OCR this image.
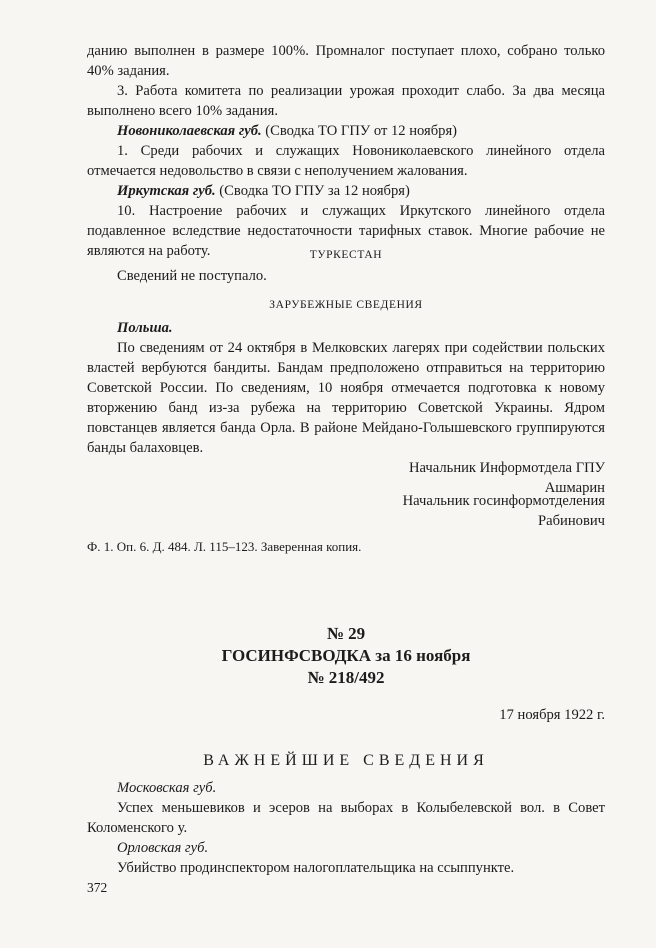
данию выполнен в размере 100%. Промналог поступает плохо, собрано только 40% задания.
3. Работа комитета по реализации урожая проходит слабо. За два месяца выполнено всего 10% задания.
Новониколаевская губ. (Сводка ТО ГПУ от 12 ноября)
1. Среди рабочих и служащих Новониколаевского линейного отдела отмечается недовольство в связи с неполучением жалования.
Иркутская губ. (Сводка ТО ГПУ за 12 ноября)
10. Настроение рабочих и служащих Иркутского линейного отдела подавленное вследствие недостаточности тарифных ставок. Многие рабочие не являются на работу.	ТУРКЕСТАН
Сведений не поступало.
ЗАРУБЕЖНЫЕ СВЕДЕНИЯ
Польша.
По сведениям от 24 октября в Мелковских лагерях при содействии польских властей вербуются бандиты. Бандам предположено отправиться на территорию Советской России. По сведениям, 10 ноября отмечается подготовка к новому вторжению банд из-за рубежа на территорию Советской Украины. Ядром повстанцев является банда Орла. В районе Мейдано-Голышевского группируются банды балаховцев.
Начальник Информотдела ГПУ
Ашмарин
Начальник госинформотделения
Рабинович
Ф. 1. Оп. 6. Д. 484. Л. 115–123. Заверенная копия.
№ 29
ГОСИНФСВОДКА за 16 ноября
№ 218/492
17 ноября 1922 г.
ВАЖНЕЙШИЕ СВЕДЕНИЯ
Московская губ.
Успех меньшевиков и эсеров на выборах в Колыбелевской вол. в Совет Коломенского у.
Орловская губ.
Убийство продинспектором налогоплательщика на ссыппункте.
372
